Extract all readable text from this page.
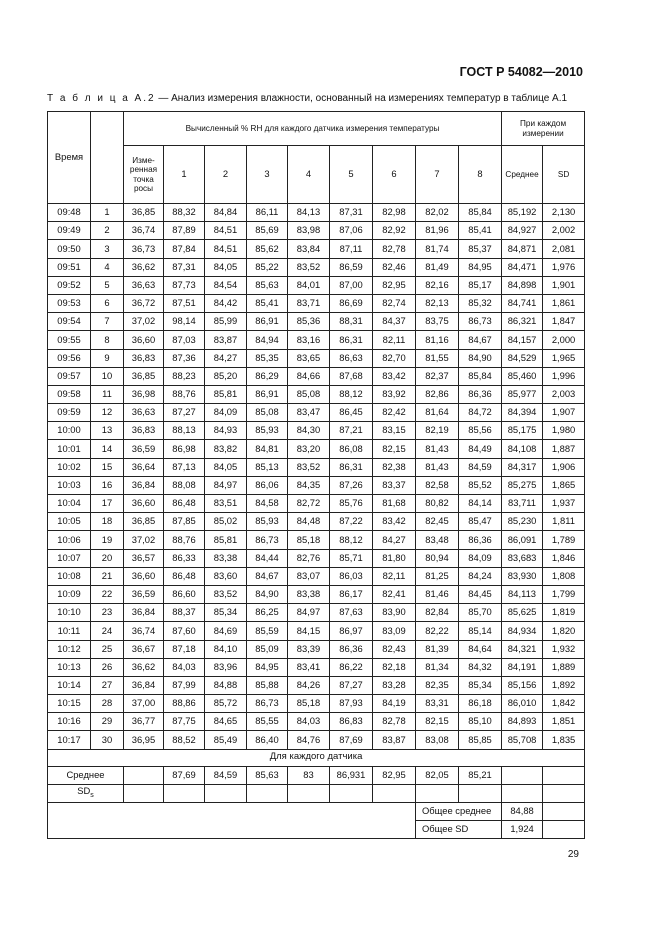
ГОСТ Р 54082—2010
Т а б л и ц а А.2 — Анализ измерения влажности, основанный на измерениях температур в таблице А.1
Время		Вычисленный % RH для каждого датчика измерения температуры									При каждом измерении	
		Изме-ренная точка росы	1	2	3	4	5	6	7	8	Среднее	SD
09:48	1	36,85	88,32	84,84	86,11	84,13	87,31	82,98	82,02	85,84	85,192	2,130
09:49	2	36,74	87,89	84,51	85,69	83,98	87,06	82,92	81,96	85,41	84,927	2,002
09:50	3	36,73	87,84	84,51	85,62	83,84	87,11	82,78	81,74	85,37	84,871	2,081
09:51	4	36,62	87,31	84,05	85,22	83,52	86,59	82,46	81,49	84,95	84,471	1,976
09:52	5	36,63	87,73	84,54	85,63	84,01	87,00	82,95	82,16	85,17	84,898	1,901
09:53	6	36,72	87,51	84,42	85,41	83,71	86,69	82,74	82,13	85,32	84,741	1,861
09:54	7	37,02	98,14	85,99	86,91	85,36	88,31	84,37	83,75	86,73	86,321	1,847
09:55	8	36,60	87,03	83,87	84,94	83,16	86,31	82,11	81,16	84,67	84,157	2,000
09:56	9	36,83	87,36	84,27	85,35	83,65	86,63	82,70	81,55	84,90	84,529	1,965
09:57	10	36,85	88,23	85,20	86,29	84,66	87,68	83,42	82,37	85,84	85,460	1,996
09:58	11	36,98	88,76	85,81	86,91	85,08	88,12	83,92	82,86	86,36	85,977	2,003
09:59	12	36,63	87,27	84,09	85,08	83,47	86,45	82,42	81,64	84,72	84,394	1,907
10:00	13	36,83	88,13	84,93	85,93	84,30	87,21	83,15	82,19	85,56	85,175	1,980
10:01	14	36,59	86,98	83,82	84,81	83,20	86,08	82,15	81,43	84,49	84,108	1,887
10:02	15	36,64	87,13	84,05	85,13	83,52	86,31	82,38	81,43	84,59	84,317	1,906
10:03	16	36,84	88,08	84,97	86,06	84,35	87,26	83,37	82,58	85,52	85,275	1,865
10:04	17	36,60	86,48	83,51	84,58	82,72	85,76	81,68	80,82	84,14	83,711	1,937
10:05	18	36,85	87,85	85,02	85,93	84,48	87,22	83,42	82,45	85,47	85,230	1,811
10:06	19	37,02	88,76	85,81	86,73	85,18	88,12	84,27	83,48	86,36	86,091	1,789
10:07	20	36,57	86,33	83,38	84,44	82,76	85,71	81,80	80,94	84,09	83,683	1,846
10:08	21	36,60	86,48	83,60	84,67	83,07	86,03	82,11	81,25	84,24	83,930	1,808
10:09	22	36,59	86,60	83,52	84,90	83,38	86,17	82,41	81,46	84,45	84,113	1,799
10:10	23	36,84	88,37	85,34	86,25	84,97	87,63	83,90	82,84	85,70	85,625	1,819
10:11	24	36,74	87,60	84,69	85,59	84,15	86,97	83,09	82,22	85,14	84,934	1,820
10:12	25	36,67	87,18	84,10	85,09	83,39	86,36	82,43	81,39	84,64	84,321	1,932
10:13	26	36,62	84,03	83,96	84,95	83,41	86,22	82,18	81,34	84,32	84,191	1,889
10:14	27	36,84	87,99	84,88	85,88	84,26	87,27	83,28	82,35	85,34	85,156	1,892
10:15	28	37,00	88,86	85,72	86,73	85,18	87,93	84,19	83,31	86,18	86,010	1,842
10:16	29	36,77	87,75	84,65	85,55	84,03	86,83	82,78	82,15	85,10	84,893	1,851
10:17	30	36,95	88,52	85,49	86,40	84,76	87,69	83,87	83,08	85,85	85,708	1,835
Для каждого датчика												
Среднее			87,69	84,59	85,63	83	86,931	82,95	82,05	85,21		
$SD_s$											
									Общее среднее		84,88	
									Общее SD		1,924	
29
